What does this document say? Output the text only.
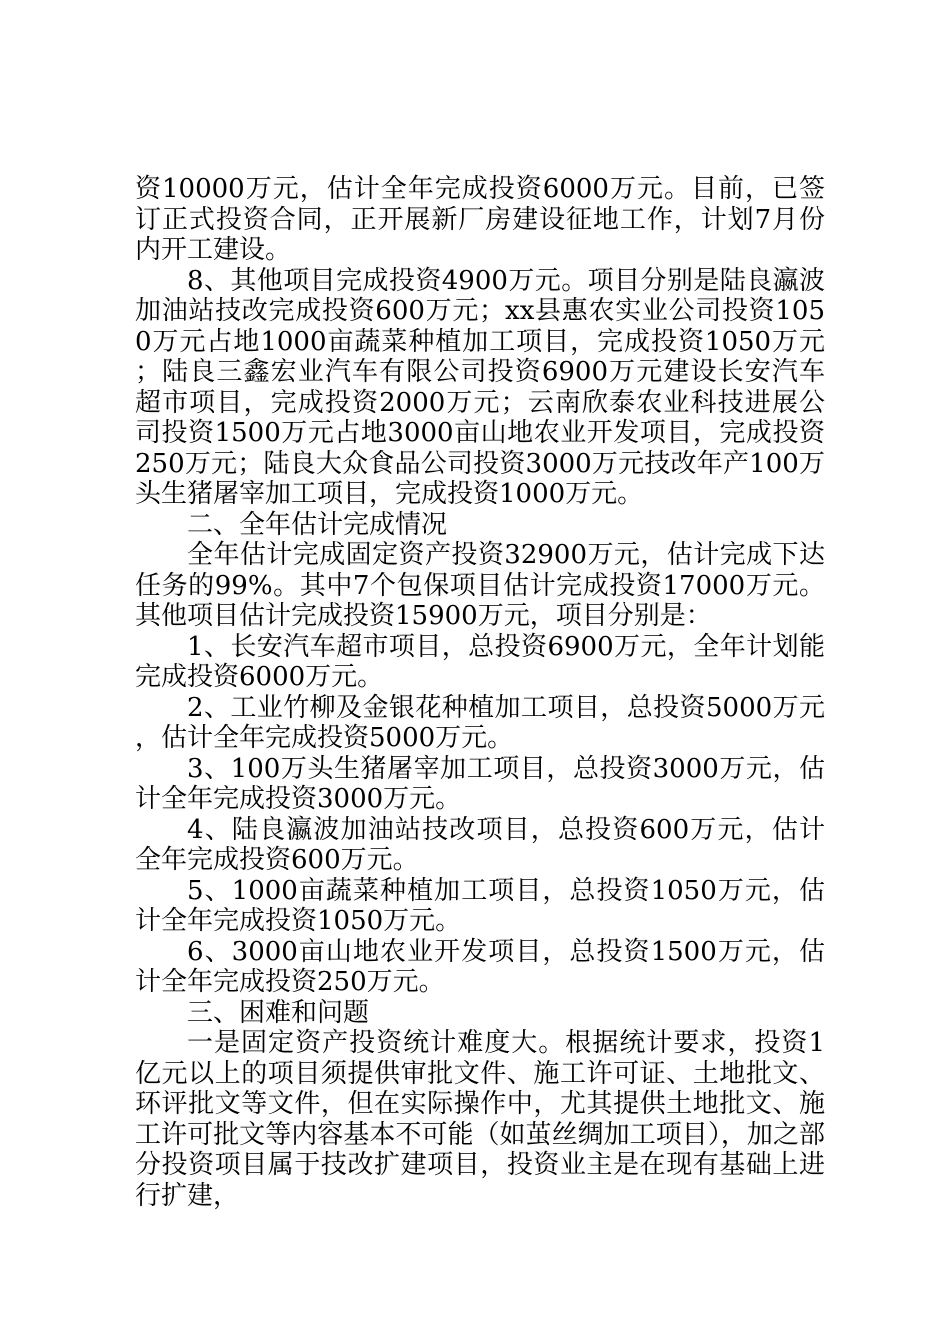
资10000万元，估计全年完成投资6000万元。目前，已签订正式投资合同，正开展新厂房建设征地工作，计划7月份内开工建设。

8、其他项目完成投资4900万元。项目分别是陆良瀛波加油站技改完成投资600万元；xx县惠农实业公司投资1050万元占地1000亩蔬菜种植加工项目，完成投资1050万元；陆良三鑫宏业汽车有限公司投资6900万元建设长安汽车超市项目，完成投资2000万元；云南欣泰农业科技进展公司投资1500万元占地3000亩山地农业开发项目，完成投资250万元；陆良大众食品公司投资3000万元技改年产100万头生猪屠宰加工项目，完成投资1000万元。

二、全年估计完成情况

全年估计完成固定资产投资32900万元，估计完成下达任务的99%。其中7个包保项目估计完成投资17000万元。其他项目估计完成投资15900万元，项目分别是：

1、长安汽车超市项目，总投资6900万元，全年计划能完成投资6000万元。

2、工业竹柳及金银花种植加工项目，总投资5000万元，估计全年完成投资5000万元。

3、100万头生猪屠宰加工项目，总投资3000万元，估计全年完成投资3000万元。

4、陆良瀛波加油站技改项目，总投资600万元，估计全年完成投资600万元。

5、1000亩蔬菜种植加工项目，总投资1050万元，估计全年完成投资1050万元。

6、3000亩山地农业开发项目，总投资1500万元，估计全年完成投资250万元。

三、困难和问题

一是固定资产投资统计难度大。根据统计要求，投资1亿元以上的项目须提供审批文件、施工许可证、土地批文、环评批文等文件，但在实际操作中，尤其提供土地批文、施工许可批文等内容基本不可能（如茧丝绸加工项目），加之部分投资项目属于技改扩建项目，投资业主是在现有基础上进行扩建，
